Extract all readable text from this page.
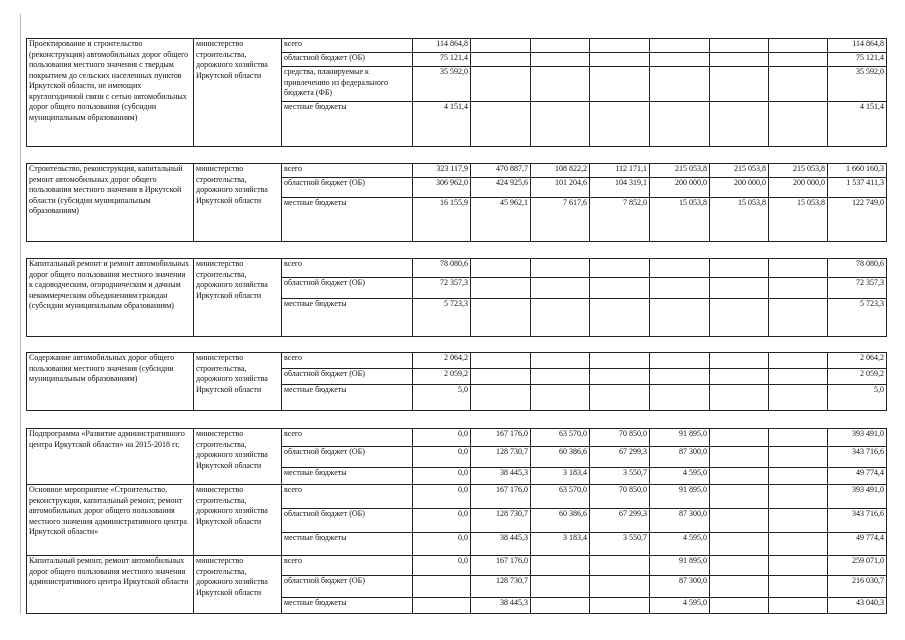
Проектирование и строительство (реконструкция) автомобильных дорог общего пользования местного значения с твердым покрытием до сельских населенных пунктов Иркутской области, не имеющих круглогодичной связи с сетью автомобильных дорог общего пользования (субсидии муниципальным образованиям)	министерство строительства, дорожного хозяйства Иркутской области	всего	114 864,8							114 864,8
		областной бюджет (ОБ)	75 121,4							75 121,4
		средства, планируемые к привлечению из федерального бюджета (ФБ)	35 592,0							35 592,0
		местные бюджеты	4 151,4							4 151,4

Строительство, реконструкция, капитальный ремонт автомобильных дорог общего пользования местного значения в Иркутской области (субсидии муниципальным образованиям)	министерство строительства, дорожного хозяйства Иркутской области	всего	323 117,9	470 887,7	108 822,2	112 171,1	215 053,8	215 053,8	215 053,8	1 660 160,3
		областной бюджет (ОБ)	306 962,0	424 925,6	101 204,6	104 319,1	200 000,0	200 000,0	200 000,0	1 537 411,3
		местные бюджеты	16 155,9	45 962,1	7 617,6	7 852,0	15 053,8	15 053,8	15 053,8	122 749,0

Капитальный ремонт и ремонт автомобильных дорог общего пользования местного значения к садоводческим, огородническим и дачным некоммерческим объединениям граждан (субсидии муниципальным образованиям)	министерство строительства, дорожного хозяйства Иркутской области	всего	78 080,6							78 080,6
		областной бюджет (ОБ)	72 357,3							72 357,3
		местные бюджеты	5 723,3							5 723,3

Содержание автомобильных дорог общего пользования местного значения (субсидии муниципальным образованиям)	министерство строительства, дорожного хозяйства Иркутской области	всего	2 064,2							2 064,2
		областной бюджет (ОБ)	2 059,2							2 059,2
		местные бюджеты	5,0							5,0

Подпрограмма «Развитие административного центра Иркутской области» на 2015-2018 гг.	министерство строительства, дорожного хозяйства Иркутской области	всего	0,0	167 176,0	63 570,0	70 850,0	91 895,0			393 491,0
		областной бюджет (ОБ)	0,0	128 730,7	60 386,6	67 299,3	87 300,0			343 716,6
		местные бюджеты	0,0	38 445,3	3 183,4	3 550,7	4 595,0			49 774,4
Основное мероприятие «Строительство, реконструкция, капитальный ремонт, ремонт автомобильных дорог общего пользования местного значения административного центра Иркутской области»	министерство строительства, дорожного хозяйства Иркутской области	всего	0,0	167 176,0	63 570,0	70 850,0	91 895,0			393 491,0
		областной бюджет (ОБ)	0,0	128 730,7	60 386,6	67 299,3	87 300,0			343 716,6
		местные бюджеты	0,0	38 445,3	3 183,4	3 550,7	4 595,0			49 774,4
Капитальный ремонт, ремонт автомобильных дорог общего пользования местного значения административного центра Иркутской области	министерство строительства, дорожного хозяйства Иркутской области	всего	0,0	167 176,0			91 895,0			259 071,0
		областной бюджет (ОБ)		128 730,7			87 300,0			216 030,7
		местные бюджеты		38 445,3			4 595,0			43 040,3
